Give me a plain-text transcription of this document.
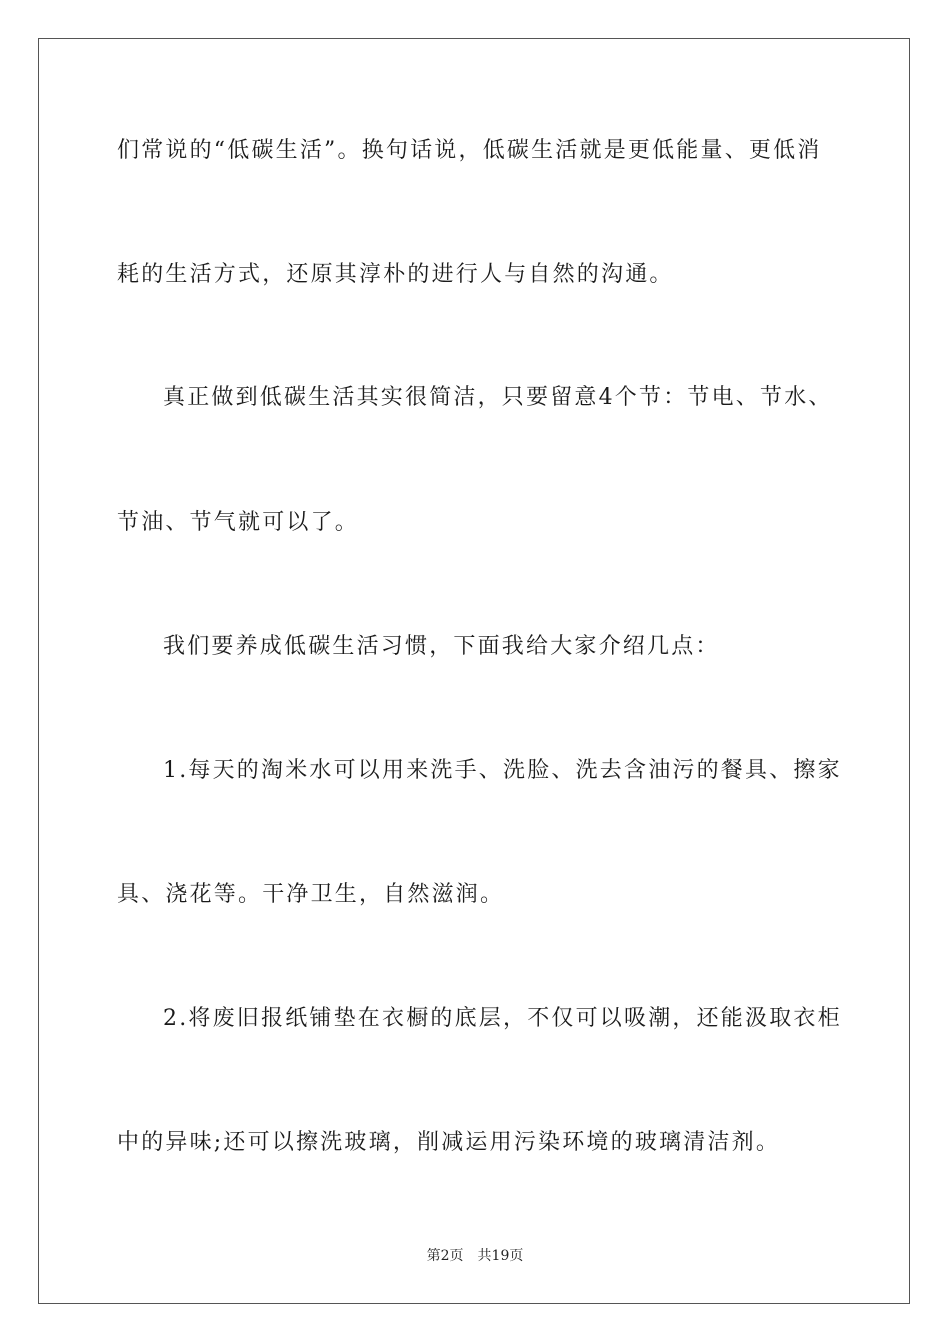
们常说的“低碳生活”。换句话说，低碳生活就是更低能量、更低消
耗的生活方式，还原其淳朴的进行人与自然的沟通。
真正做到低碳生活其实很简洁，只要留意4个节：节电、节水、
节油、节气就可以了。
我们要养成低碳生活习惯，下面我给大家介绍几点：
1.每天的淘米水可以用来洗手、洗脸、洗去含油污的餐具、擦家
具、浇花等。干净卫生，自然滋润。
2.将废旧报纸铺垫在衣橱的底层，不仅可以吸潮，还能汲取衣柜
中的异味;还可以擦洗玻璃，削减运用污染环境的玻璃清洁剂。
第2页 共19页
